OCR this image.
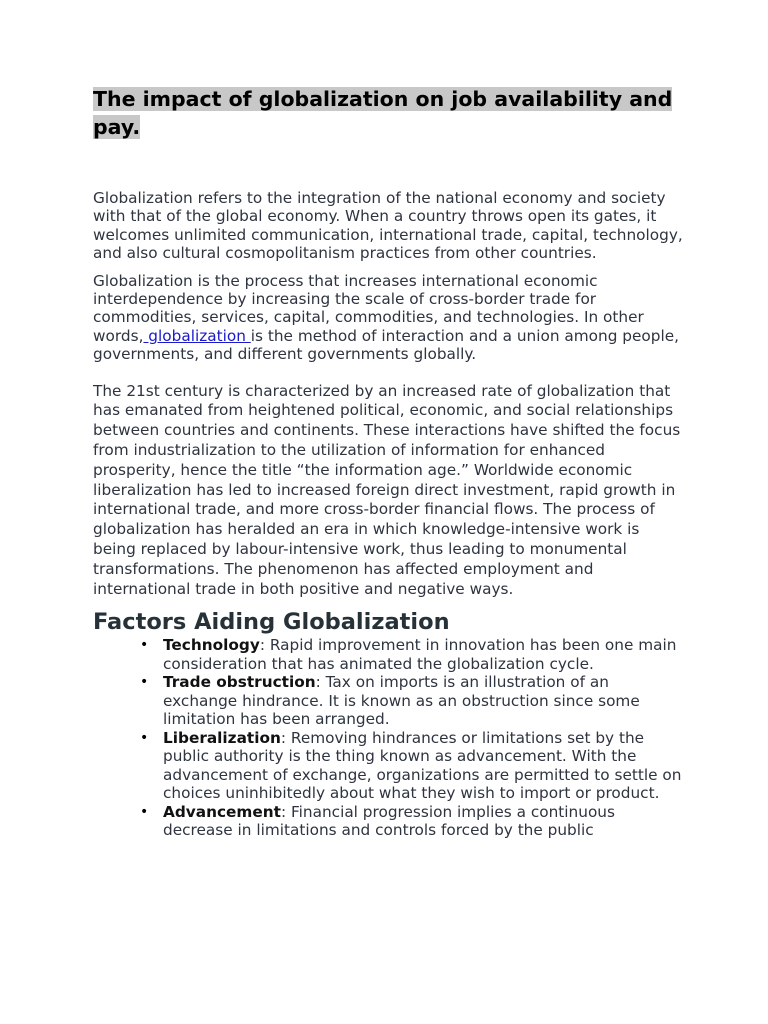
The impact of globalization on job availability and pay.

Globalization refers to the integration of the national economy and society with that of the global economy. When a country throws open its gates, it welcomes unlimited communication, international trade, capital, technology, and also cultural cosmopolitanism practices from other countries.

Globalization is the process that increases international economic interdependence by increasing the scale of cross-border trade for commodities, services, capital, commodities, and technologies. In other words, globalization is the method of interaction and a union among people, governments, and different governments globally.

The 21st century is characterized by an increased rate of globalization that has emanated from heightened political, economic, and social relationships between countries and continents. These interactions have shifted the focus from industrialization to the utilization of information for enhanced prosperity, hence the title “the information age.” Worldwide economic liberalization has led to increased foreign direct investment, rapid growth in international trade, and more cross-border financial flows. The process of globalization has heralded an era in which knowledge-intensive work is being replaced by labour-intensive work, thus leading to monumental transformations. The phenomenon has affected employment and international trade in both positive and negative ways.

Factors Aiding Globalization
• Technology: Rapid improvement in innovation has been one main consideration that has animated the globalization cycle.
• Trade obstruction: Tax on imports is an illustration of an exchange hindrance. It is known as an obstruction since some limitation has been arranged.
• Liberalization: Removing hindrances or limitations set by the public authority is the thing known as advancement. With the advancement of exchange, organizations are permitted to settle on choices uninhibitedly about what they wish to import or product.
• Advancement: Financial progression implies a continuous decrease in limitations and controls forced by the public
